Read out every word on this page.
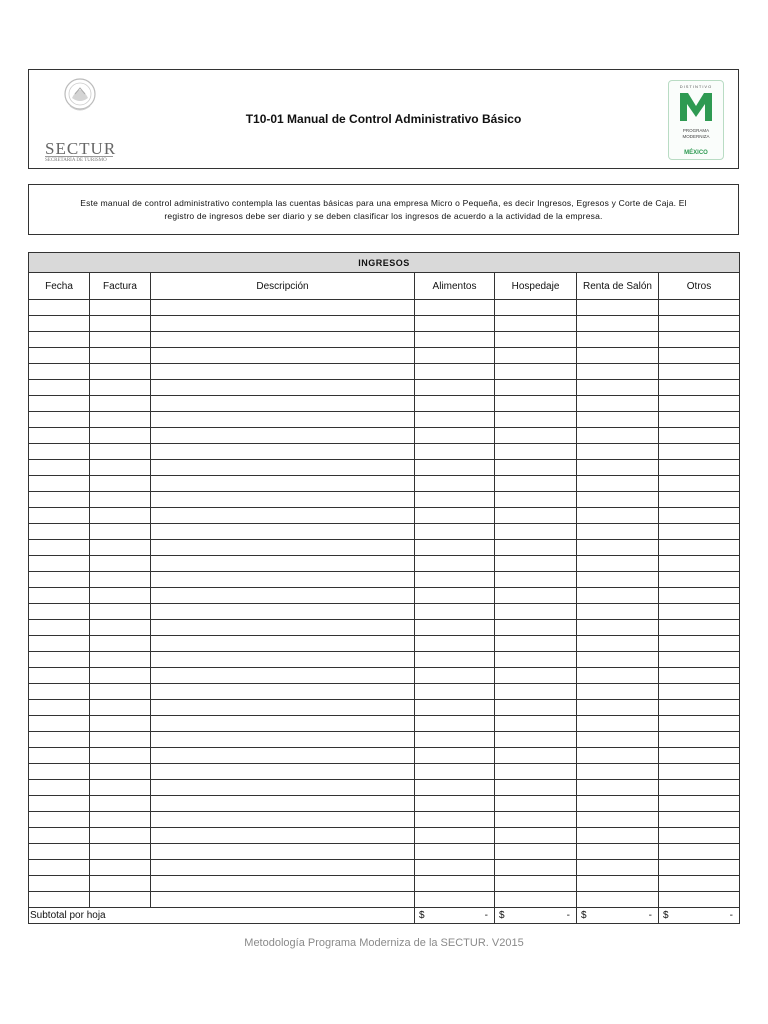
SECTUR
SECRETARÍA DE TURISMO
T10-01 Manual de Control Administrativo Básico
DISTINTIVO
PROGRAMA
MODERNIZA
MÉXICO
Este manual de control administrativo contempla las cuentas básicas para una empresa Micro o Pequeña, es decir Ingresos, Egresos y Corte de Caja. El
registro de ingresos debe ser diario y se deben clasificar los ingresos de acuerdo a la actividad de la empresa.
INGRESOS						
Fecha	Factura	Descripción	Alimentos	Hospedaje	Renta de Salón	Otros

Subtotal por hoja			$ -	$ -	$ -	$ -
Metodología Programa Moderniza de la SECTUR. V2015
